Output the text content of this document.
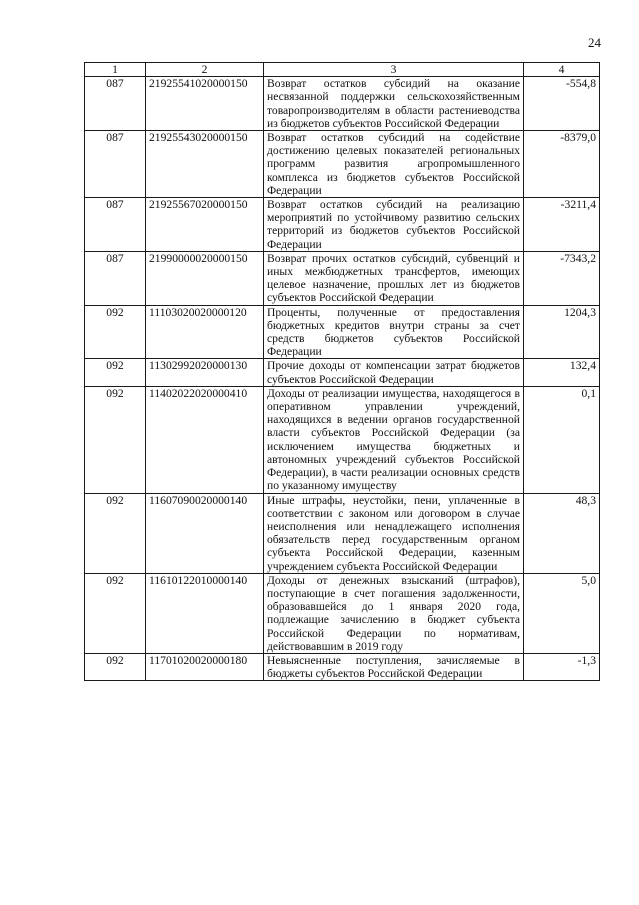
24
1	2	3	4
087	21925541020000150	Возврат остатков субсидий на оказание несвязанной поддержки сельскохозяйственным товаропроизводителям в области растениеводства из бюджетов субъектов Российской Федерации	-554,8
087	21925543020000150	Возврат остатков субсидий на содействие достижению целевых показателей региональных программ развития агропромышленного комплекса из бюджетов субъектов Российской Федерации	-8379,0
087	21925567020000150	Возврат остатков субсидий на реализацию мероприятий по устойчивому развитию сельских территорий из бюджетов субъектов Российской Федерации	-3211,4
087	21990000020000150	Возврат прочих остатков субсидий, субвенций и иных межбюджетных трансфертов, имеющих целевое назначение, прошлых лет из бюджетов субъектов Российской Федерации	-7343,2
092	11103020020000120	Проценты, полученные от предоставления бюджетных кредитов внутри страны за счет средств бюджетов субъектов Российской Федерации	1204,3
092	11302992020000130	Прочие доходы от компенсации затрат бюджетов субъектов Российской Федерации	132,4
092	11402022020000410	Доходы от реализации имущества, находящегося в оперативном управлении учреждений, находящихся в ведении органов государственной власти субъектов Российской Федерации (за исключением имущества бюджетных и автономных учреждений субъектов Российской Федерации), в части реализации основных средств по указанному имуществу	0,1
092	11607090020000140	Иные штрафы, неустойки, пени, уплаченные в соответствии с законом или договором в случае неисполнения или ненадлежащего исполнения обязательств перед государственным органом субъекта Российской Федерации, казенным учреждением субъекта Российской Федерации	48,3
092	11610122010000140	Доходы от денежных взысканий (штрафов), поступающие в счет погашения задолженности, образовавшейся до 1 января 2020 года, подлежащие зачислению в бюджет субъекта Российской Федерации по нормативам, действовавшим в 2019 году	5,0
092	11701020020000180	Невыясненные поступления, зачисляемые в бюджеты субъектов Российской Федерации	-1,3
